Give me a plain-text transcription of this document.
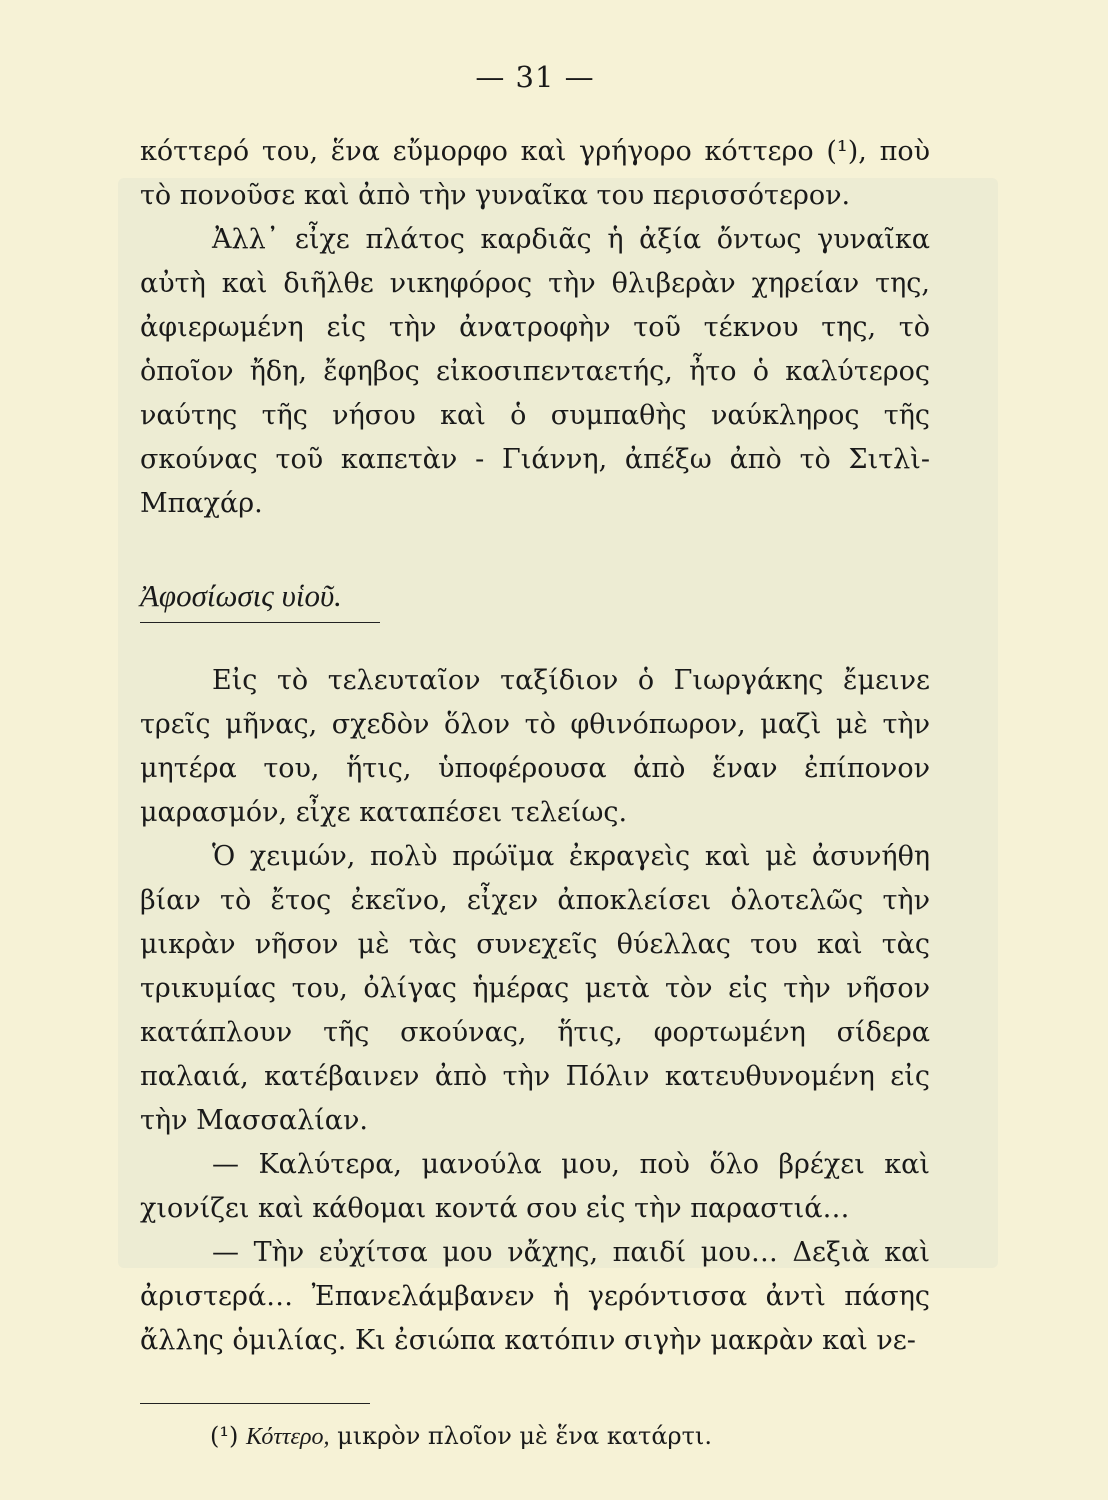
— 31 —

κόττερό του, ἕνα εὔμορφο καὶ γρήγορο κόττερο (¹), ποὺ τὸ πονοῦσε καὶ ἀπὸ τὴν γυναῖκα του περισσότερον.

Ἀλλ᾽ εἶχε πλάτος καρδιᾶς ἡ ἀξία ὄντως γυναῖκα αὐτὴ καὶ διῆλθε νικηφόρος τὴν θλιβερὰν χηρείαν της, ἀφιερωμένη εἰς τὴν ἀνατροφὴν τοῦ τέκνου της, τὸ ὁποῖον ἤδη, ἔφηβος εἰκοσιπενταετής, ἦτο ὁ καλύτερος ναύτης τῆς νήσου καὶ ὁ συμπαθὴς ναύκληρος τῆς σκούνας τοῦ καπετὰν - Γιάννη, ἀπέξω ἀπὸ τὸ Σιτλὶ-Μπαχάρ.

Ἀφοσίωσις υἱοῦ.

Εἰς τὸ τελευταῖον ταξίδιον ὁ Γιωργάκης ἔμεινε τρεῖς μῆνας, σχεδὸν ὅλον τὸ φθινόπωρον, μαζὶ μὲ τὴν μητέρα του, ἥτις, ὑποφέρουσα ἀπὸ ἕναν ἐπίπονον μαρασμόν, εἶχε καταπέσει τελείως.

Ὁ χειμών, πολὺ πρώϊμα ἐκραγεὶς καὶ μὲ ἀσυνήθη βίαν τὸ ἔτος ἐκεῖνο, εἶχεν ἀποκλείσει ὁλοτελῶς τὴν μικρὰν νῆσον μὲ τὰς συνεχεῖς θύελλας του καὶ τὰς τρικυμίας του, ὀλίγας ἡμέρας μετὰ τὸν εἰς τὴν νῆσον κατάπλουν τῆς σκούνας, ἥτις, φορτωμένη σίδερα παλαιά, κατέβαινεν ἀπὸ τὴν Πόλιν κατευθυνομένη εἰς τὴν Μασσαλίαν.

— Καλύτερα, μανούλα μου, ποὺ ὅλο βρέχει καὶ χιονίζει καὶ κάθομαι κοντά σου εἰς τὴν παραστιά…

— Τὴν εὐχίτσα μου νἄχης, παιδί μου… Δεξιὰ καὶ ἀριστερά… Ἐπανελάμβανεν ἡ γερόντισσα ἀντὶ πάσης ἄλλης ὁμιλίας. Κι ἐσιώπα κατόπιν σιγὴν μακρὰν καὶ νε-

(¹) Κόττερο, μικρὸν πλοῖον μὲ ἕνα κατάρτι.
